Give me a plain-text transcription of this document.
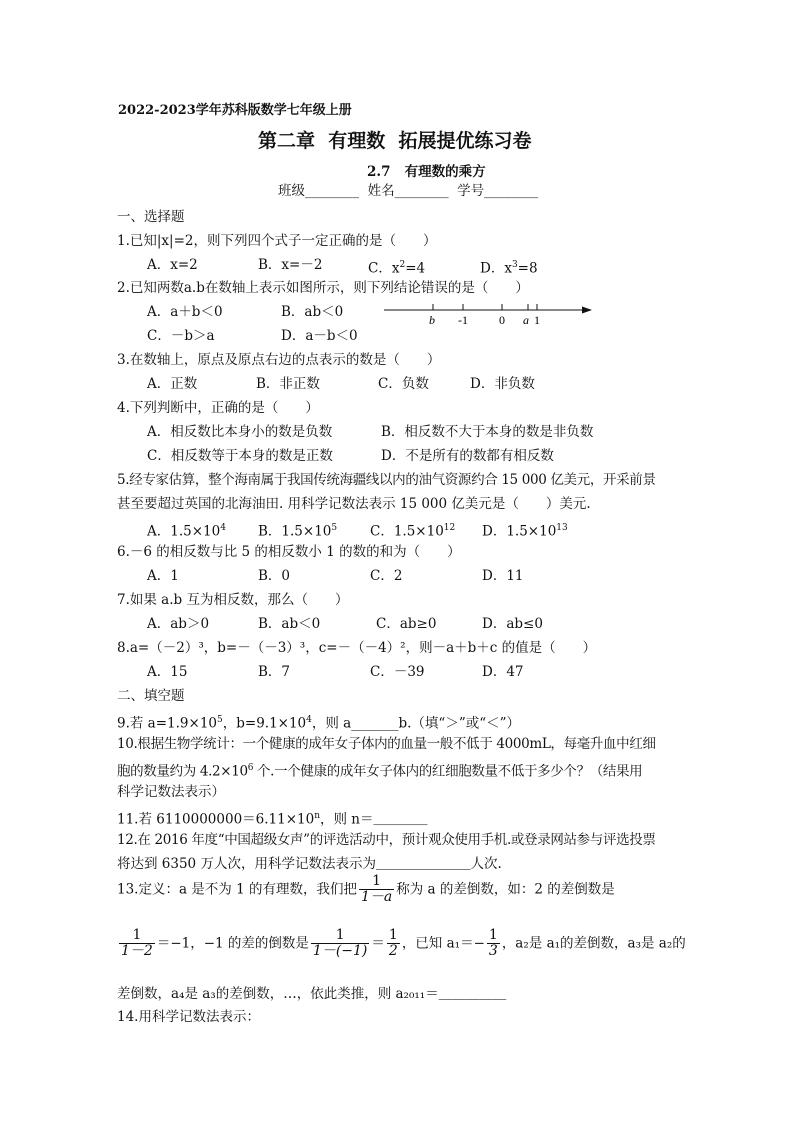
2022-2023学年苏科版数学七年级上册
第二章  有理数  拓展提优练习卷
2.7   有理数的乘方
班级________  姓名________  学号________
一、选择题
1.已知|x|=2，则下列四个式子一定正确的是（　　）
A．x=2	B．x=－2	C．$x^2=4$	D．$x^3=8$
2.已知两数a.b在数轴上表示如图所示，则下列结论错误的是（　　）
A．a＋b＜0	B．ab＜0
C．－b＞a	D．a－b＜0
b -1	0 a 1
3.在数轴上，原点及原点右边的点表示的数是（　　）
A．正数	B．非正数	C．负数	D．非负数
4.下列判断中，正确的是（　　）
A．相反数比本身小的数是负数	B．相反数不大于本身的数是非负数
C．相反数等于本身的数是正数	D．不是所有的数都有相反数
5.经专家估算，整个海南属于我国传统海疆线以内的油气资源约合 15 000 亿美元，开采前景
甚至要超过英国的北海油田. 用科学记数法表示 15 000 亿美元是（　　）美元.
A．$1.5\times 10^4$ B．$1.5\times 10^5$ C．$1.5\times 10^{12}$ D．$1.5\times 10^{13}$
6.－6 的相反数与比 5 的相反数小 1 的数的和为（　　）
A．1	B．0	C．2	D．11
7.如果 a.b 互为相反数，那么（　　）
A．ab＞0	B．ab＜0	C．ab≥0	D．ab≤0
8.a=（－2）³，b=－（－3）³，c=－（－4）²，则－a＋b＋c 的值是（　　）
A．15	B．7	C．－39	D．47
二、填空题
9.若 $a=1.9\times 10^5$，$b=9.1\times 10^4$，则 a_______b.（填“＞”或“＜”）
10.根据生物学统计：一个健康的成年女子体内的血量一般不低于 4000mL，每毫升血中红细
胞的数量约为 $4.2\times 10^6$ 个.一个健康的成年女子体内的红细胞数量不低于多少个？（结果用
科学记数法表示）
11.若 $6110000000=6.11\times 10^n$，则 n＝＿＿＿＿
12.在 2016 年度“中国超级女声”的评选活动中，预计观众使用手机.或登录网站参与评选投票
将达到 6350 万人次，用科学记数法表示为＿＿＿＿＿＿＿人次.
13.定义：a 是不为 1 的有理数，我们把 $\frac{1}{1-a}$ 称为 a 的差倒数，如：2 的差倒数是
$\frac{1}{1-2} =-1$，−1 的差的倒数是 $\frac{1}{1-(-1)} = \frac{1}{2}$ ，已知 $a_1=- \frac{1}{3}$ ，a₂是 a₁的差倒数，a₃是 a₂的
差倒数，a₄是 a₃的差倒数，…，依此类推，则 a₂₀₁₁＝＿＿＿＿＿
14.用科学记数法表示：
